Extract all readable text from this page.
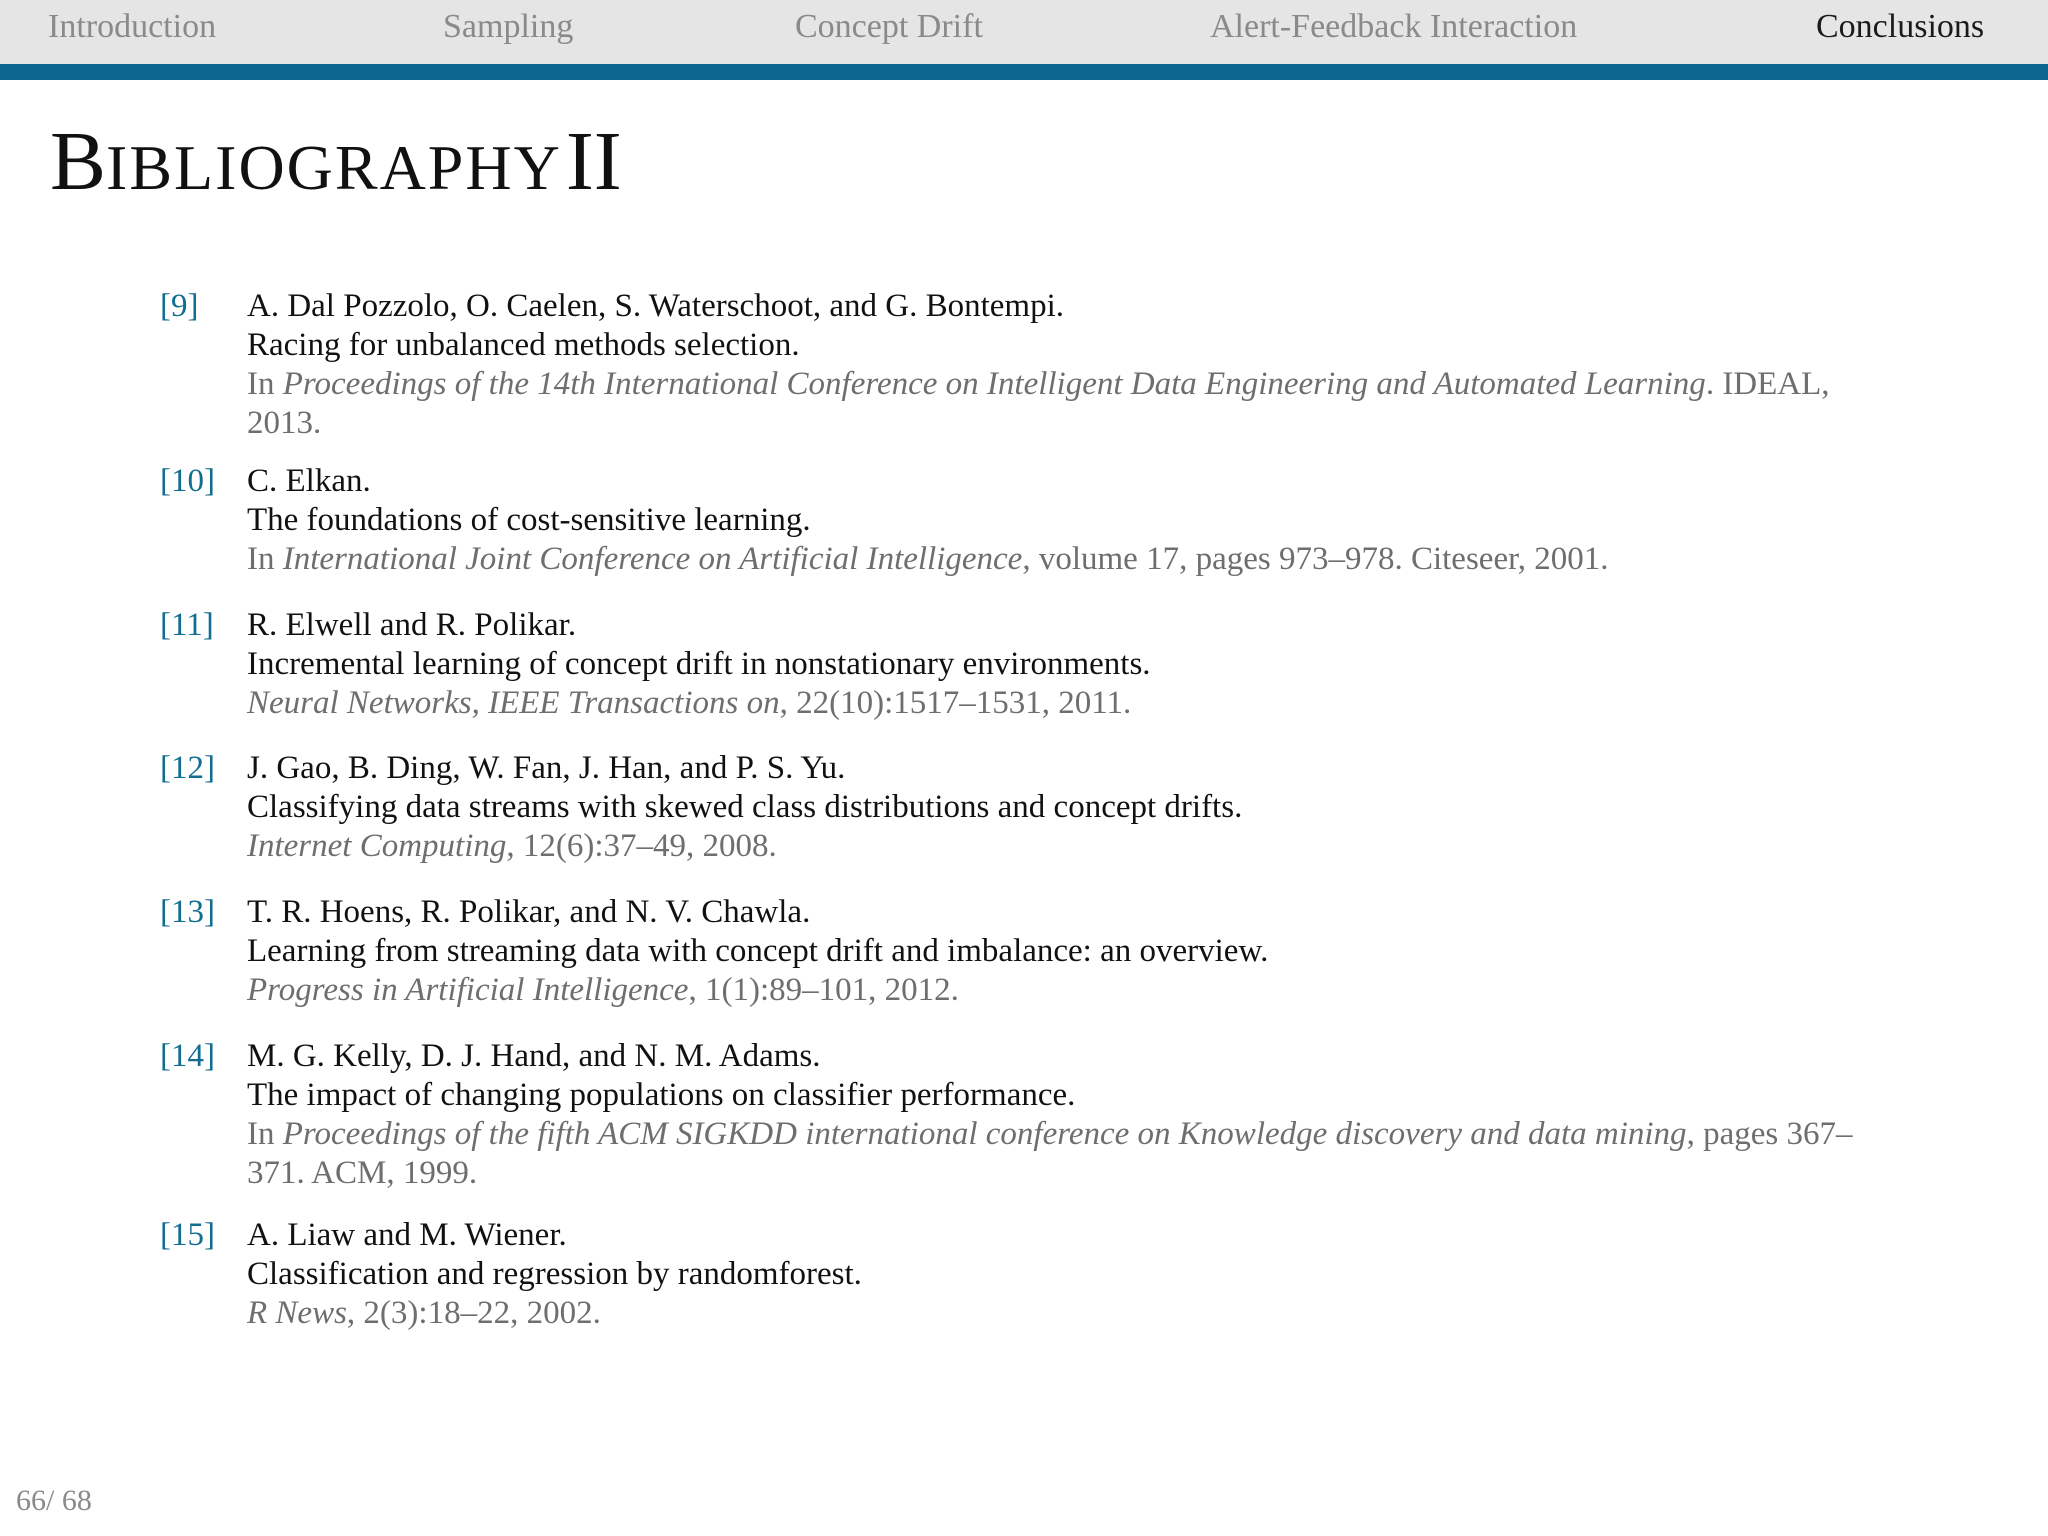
Introduction	Sampling	Concept Drift	Alert-Feedback Interaction	Conclusions
BIBLIOGRAPHY II
[9] A. Dal Pozzolo, O. Caelen, S. Waterschoot, and G. Bontempi.
Racing for unbalanced methods selection.
In Proceedings of the 14th International Conference on Intelligent Data Engineering and Automated Learning. IDEAL, 2013.
[10] C. Elkan.
The foundations of cost-sensitive learning.
In International Joint Conference on Artificial Intelligence, volume 17, pages 973–978. Citeseer, 2001.
[11] R. Elwell and R. Polikar.
Incremental learning of concept drift in nonstationary environments.
Neural Networks, IEEE Transactions on, 22(10):1517–1531, 2011.
[12] J. Gao, B. Ding, W. Fan, J. Han, and P. S. Yu.
Classifying data streams with skewed class distributions and concept drifts.
Internet Computing, 12(6):37–49, 2008.
[13] T. R. Hoens, R. Polikar, and N. V. Chawla.
Learning from streaming data with concept drift and imbalance: an overview.
Progress in Artificial Intelligence, 1(1):89–101, 2012.
[14] M. G. Kelly, D. J. Hand, and N. M. Adams.
The impact of changing populations on classifier performance.
In Proceedings of the fifth ACM SIGKDD international conference on Knowledge discovery and data mining, pages 367–371. ACM, 1999.
[15] A. Liaw and M. Wiener.
Classification and regression by randomforest.
R News, 2(3):18–22, 2002.
66/ 68
